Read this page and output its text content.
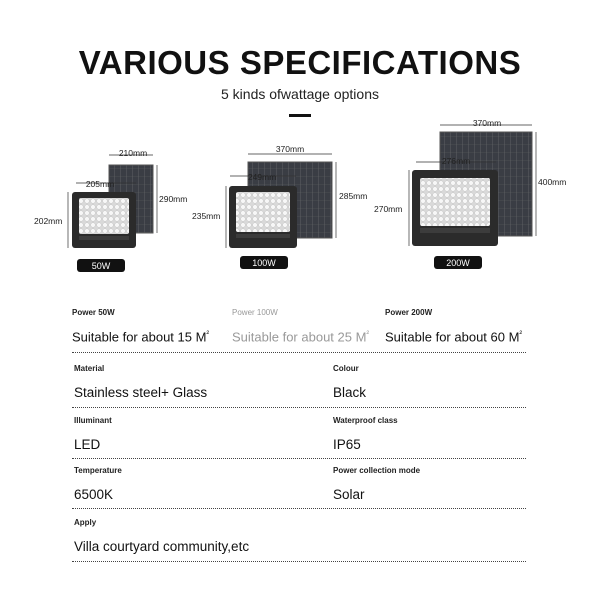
VARIOUS SPECIFICATIONS
5 kinds ofwattage options
210mm
205mm
290mm
202mm
50W
370mm
249mm
285mm
235mm
100W
370mm
276mm
400mm
270mm
200W
Power 50W
Suitable for about 15 $M^{^2}$
Power 100W
Suitable for about 25 $M^{^2}$
Power 200W
Suitable for about 60 $M^{^2}$
Material
Stainless steel+ Glass
Colour
Black
Illuminant
LED
Waterproof class
IP65
Temperature
6500K
Power collection mode
Solar
Apply
Villa courtyard community,etc
